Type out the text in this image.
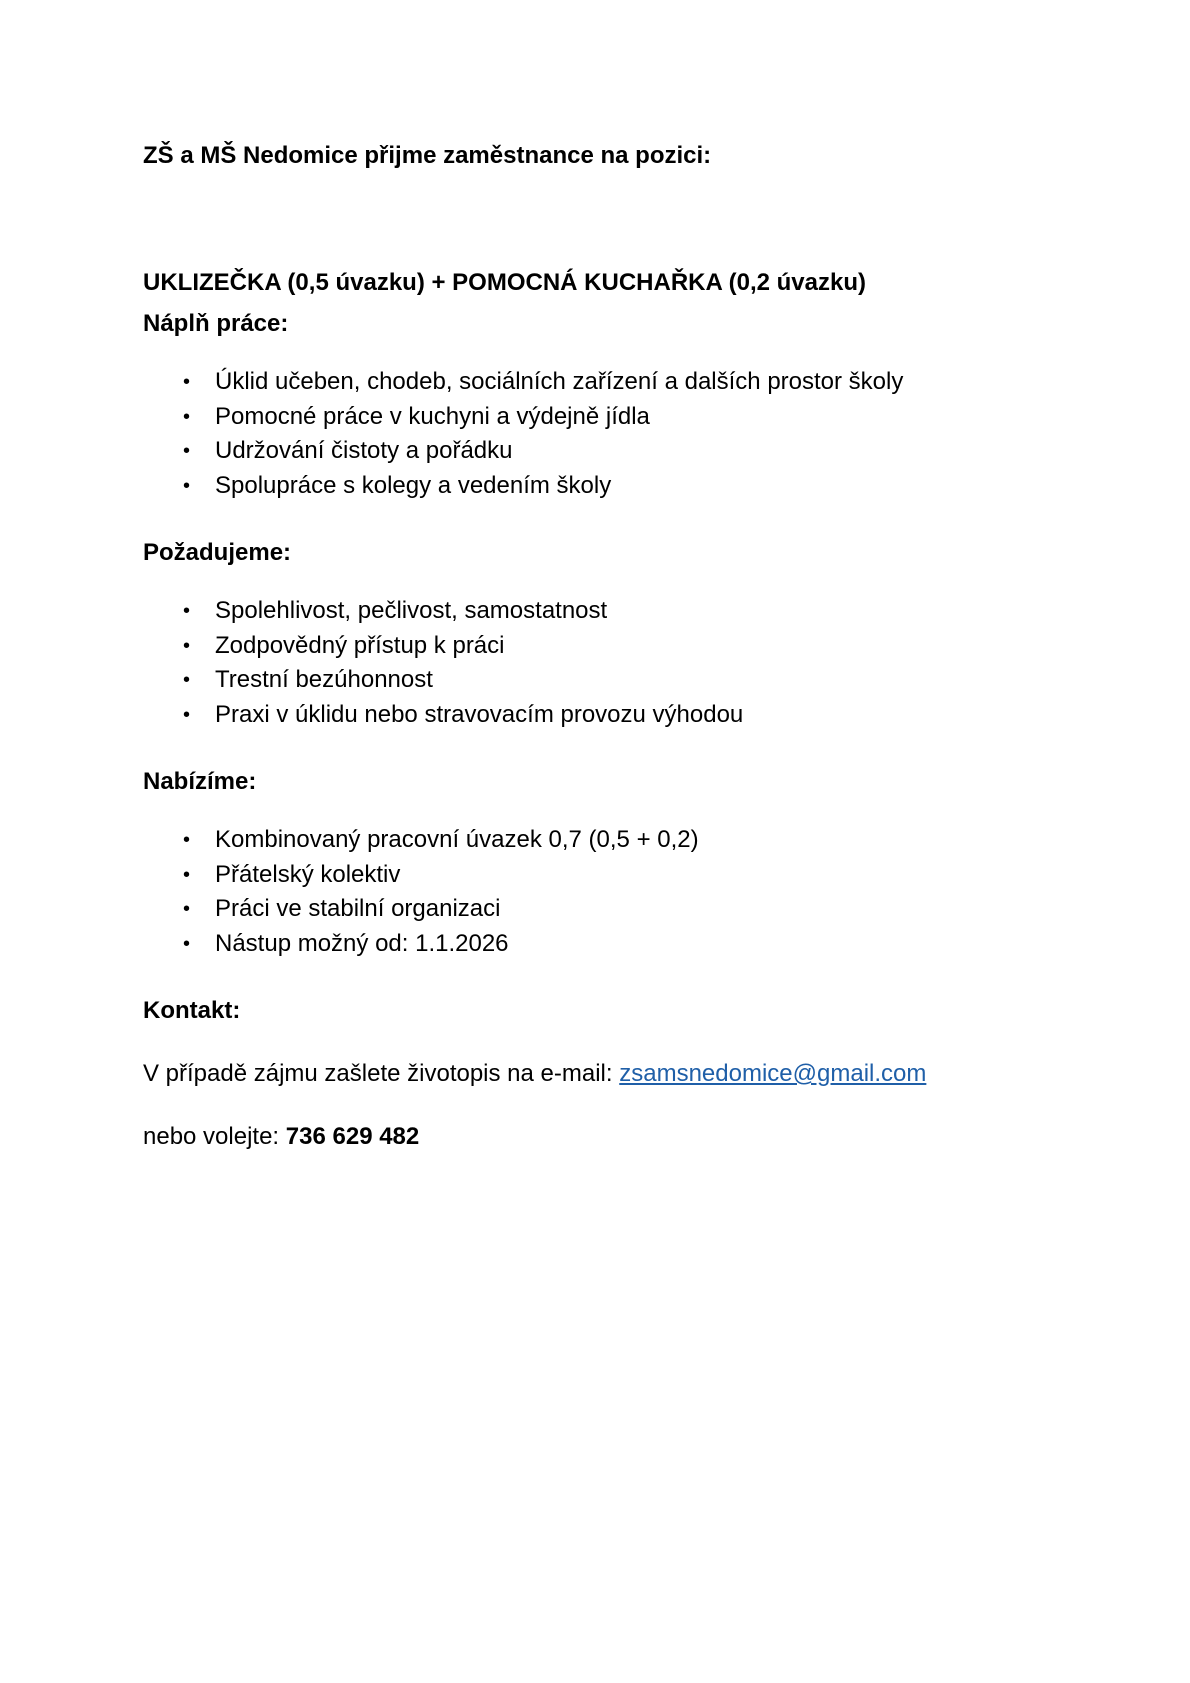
ZŠ a MŠ Nedomice přijme zaměstnance na pozici:

UKLIZEČKA (0,5 úvazku) + POMOCNÁ KUCHAŘKA (0,2 úvazku)

Náplň práce:

• Úklid učeben, chodeb, sociálních zařízení a dalších prostor školy
• Pomocné práce v kuchyni a výdejně jídla
• Udržování čistoty a pořádku
• Spolupráce s kolegy a vedením školy

Požadujeme:

• Spolehlivost, pečlivost, samostatnost
• Zodpovědný přístup k práci
• Trestní bezúhonnost
• Praxi v úklidu nebo stravovacím provozu výhodou

Nabízíme:

• Kombinovaný pracovní úvazek 0,7 (0,5 + 0,2)
• Přátelský kolektiv
• Práci ve stabilní organizaci
• Nástup možný od: 1.1.2026

Kontakt:

V případě zájmu zašlete životopis na e-mail: zsamsnedomice@gmail.com

nebo volejte: 736 629 482
